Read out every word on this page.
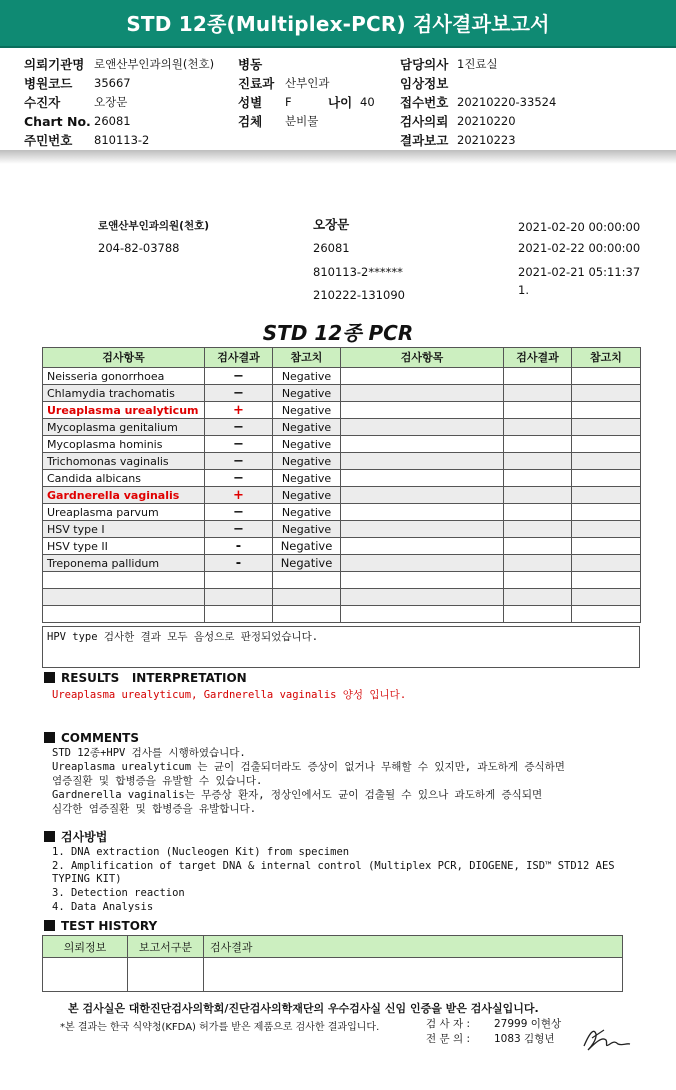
STD 12종(Multiplex-PCR) 검사결과보고서
의뢰기관명 로앤산부인과의원(천호) 병동	담당의사 1진료실
병원코드 35667	진료과 산부인과	임상정보
수진자	오장문	성별 F	나이 40 접수번호 20210220-33524
Chart No. 26081	검체 분비물	검사의뢰 20210220
주민번호 810113-2	결과보고 20210223
로앤산부인과의원(천호)
204-82-03788
오장문
26081
810113-2******
210222-131090
2021-02-20 00:00:00
2021-02-22 00:00:00
2021-02-21 05:11:37
1.
STD 12종 PCR
검사항목	검사결과	참고치	검사항목	검사결과	참고치
Neisseria gonorrhoea	−	Negative			
Chlamydia trachomatis	−	Negative			
Ureaplasma urealyticum	+	Negative			
Mycoplasma genitalium	−	Negative			
Mycoplasma hominis	−	Negative			
Trichomonas vaginalis	−	Negative			
Candida albicans	−	Negative			
Gardnerella vaginalis	+	Negative			
Ureaplasma parvum	−	Negative			
HSV type I	−	Negative			
HSV type II	-	Negative			
Treponema pallidum	-	Negative			

HPV type 검사한 결과 모두 음성으로 판정되었습니다.
RESULTS   INTERPRETATION
Ureaplasma urealyticum, Gardnerella vaginalis 양성 입니다.
COMMENTS
STD 12종+HPV 검사를 시행하였습니다.
Ureaplasma urealyticum 는 균이 검출되더라도 증상이 없거나 무해할 수 있지만, 과도하게 증식하면
염증질환 및 합병증을 유발할 수 있습니다.
Gardnerella vaginalis는 무증상 환자, 정상인에서도 균이 검출될 수 있으나 과도하게 증식되면
심각한 염증질환 및 합병증을 유발합니다.
검사방법
1. DNA extraction (Nucleogen Kit) from specimen
2. Amplification of target DNA & internal control (Multiplex PCR, DIOGENE, ISD™ STD12 AES
TYPING KIT)
3. Detection reaction
4. Data Analysis
TEST HISTORY
의뢰정보	보고서구분	검사결과

본 검사실은 대한진단검사의학회/진단검사의학재단의 우수검사실 신임 인증을 받은 검사실입니다.
*본 결과는 한국 식약청(KFDA) 허가를 받은 제품으로 검사한 결과입니다.	검 사 자 : 27999 이현상
전 문 의 : 1083 김형년
